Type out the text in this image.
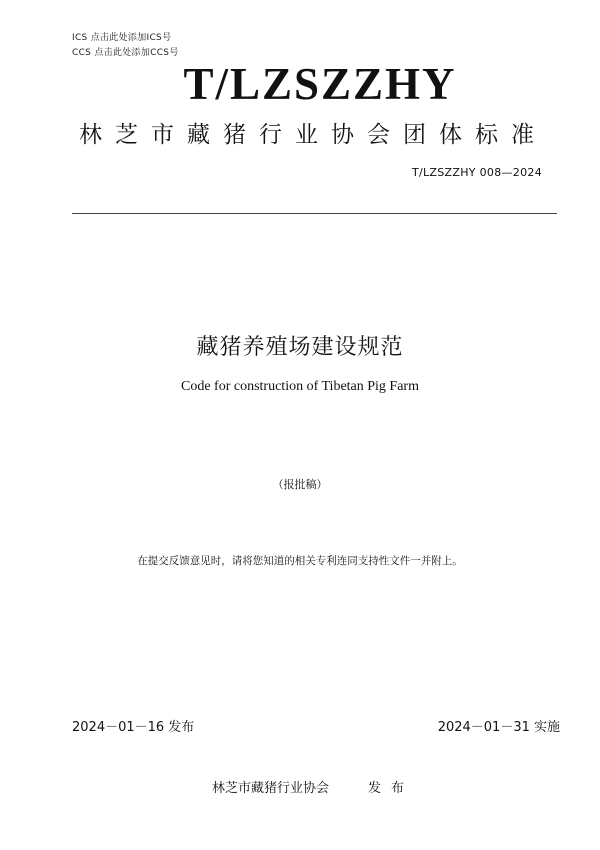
ICS 点击此处添加ICS号
CCS 点击此处添加CCS号
T/LZSZZHY
林芝市藏猪行业协会团体标准
T/LZSZZHY 008—2024
藏猪养殖场建设规范
Code for construction of Tibetan Pig Farm
（报批稿）
在提交反馈意见时，请将您知道的相关专利连同支持性文件一并附上。
2024－01－16 发布	2024－01－31 实施
林芝市藏猪行业协会	发布
